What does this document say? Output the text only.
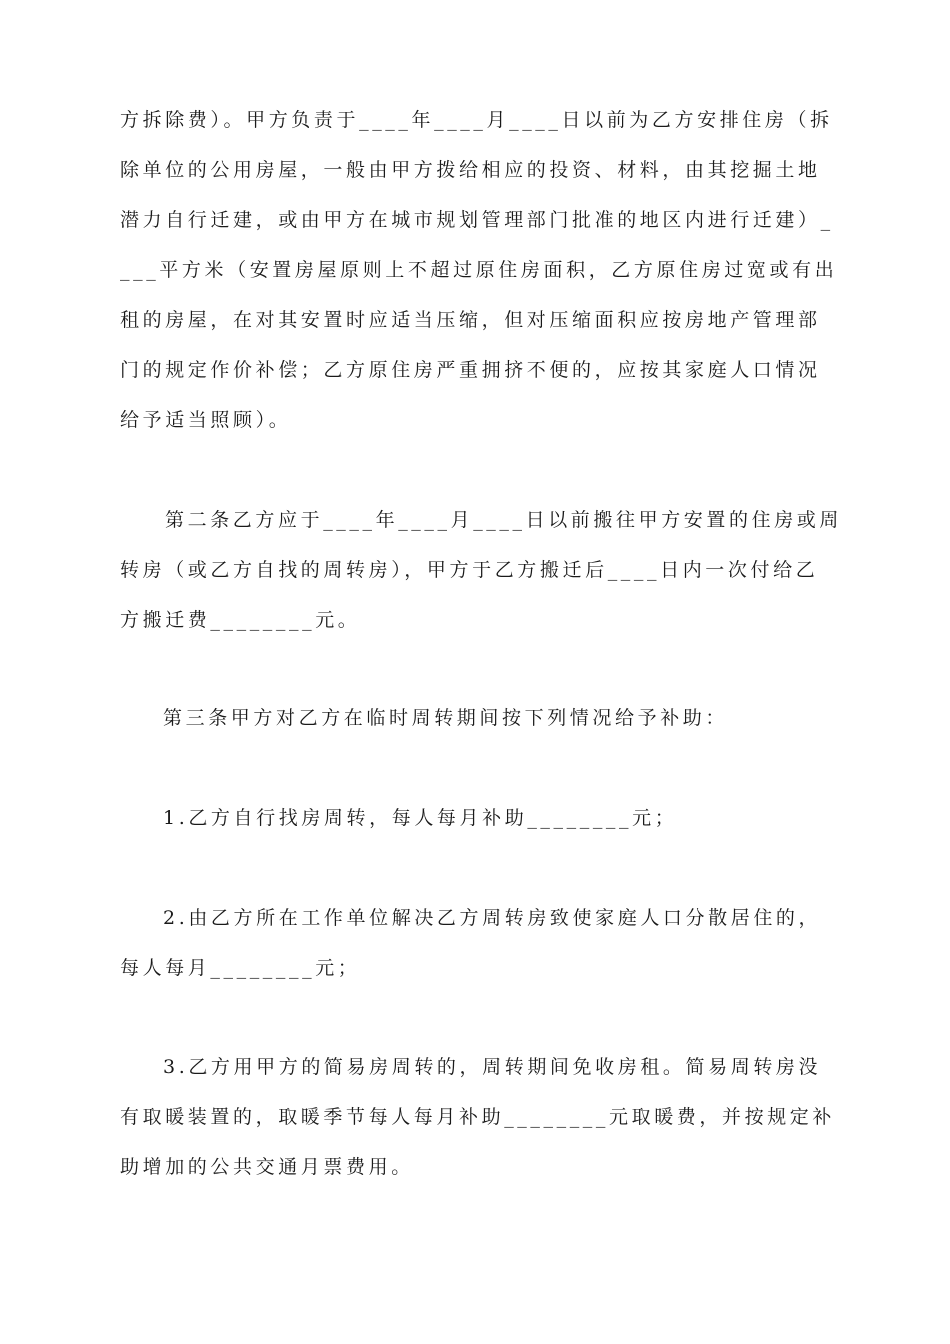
方拆除费）。甲方负责于____年____月____日以前为乙方安排住房（拆
除单位的公用房屋，一般由甲方拨给相应的投资、材料，由其挖掘土地
潜力自行迁建，或由甲方在城市规划管理部门批准的地区内进行迁建）_
___平方米（安置房屋原则上不超过原住房面积，乙方原住房过宽或有出
租的房屋，在对其安置时应适当压缩，但对压缩面积应按房地产管理部
门的规定作价补偿；乙方原住房严重拥挤不便的，应按其家庭人口情况
给予适当照顾）。
第二条乙方应于____年____月____日以前搬往甲方安置的住房或周
转房（或乙方自找的周转房），甲方于乙方搬迁后____日内一次付给乙
方搬迁费________元。
第三条甲方对乙方在临时周转期间按下列情况给予补助：
1.乙方自行找房周转，每人每月补助________元；
2.由乙方所在工作单位解决乙方周转房致使家庭人口分散居住的，
每人每月________元；
3.乙方用甲方的简易房周转的，周转期间免收房租。简易周转房没
有取暖装置的，取暖季节每人每月补助________元取暖费，并按规定补
助增加的公共交通月票费用。
